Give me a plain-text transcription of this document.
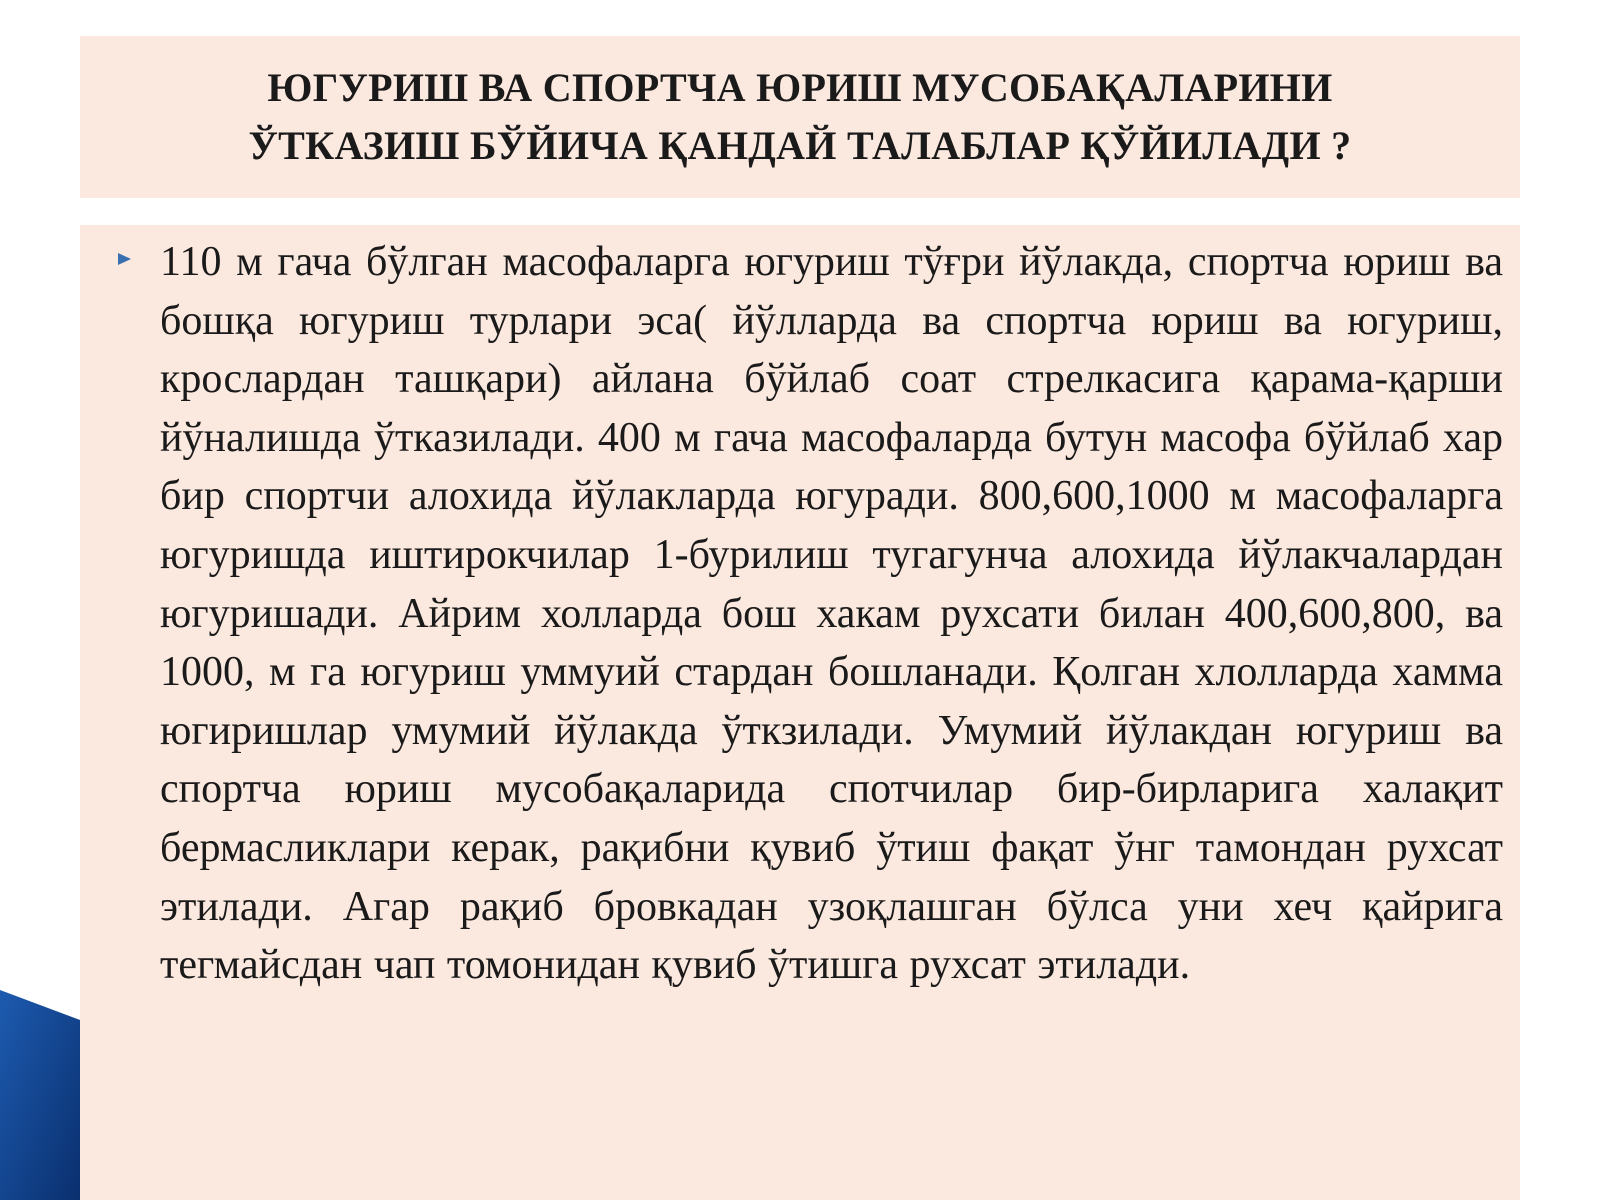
ЮГУРИШ ВА СПОРТЧА ЮРИШ МУСОБАҚАЛАРИНИ
ЎТКАЗИШ БЎЙИЧА ҚАНДАЙ ТАЛАБЛАР ҚЎЙИЛАДИ ?

110 м гача бўлган масофаларга югуриш тўғри йўлакда, спортча юриш ва бошқа югуриш турлари эса( йўлларда ва спортча юриш ва югуриш, крослардан ташқари) айлана бўйлаб соат стрелкасига қарама-қарши йўналишда ўтказилади. 400 м гача масофаларда бутун масофа бўйлаб хар бир спортчи алохида йўлакларда югуради. 800,600,1000 м масофаларга югуришда иштирокчилар 1-бурилиш тугагунча алохида йўлакчалардан югуришади. Айрим холларда бош хакам рухсати билан 400,600,800, ва 1000, м га югуриш уммуий стардан бошланади. Қолган хлолларда хамма югиришлар умумий йўлакда ўткзилади. Умумий йўлакдан югуриш ва спортча юриш мусобақаларида спотчилар бир-бирларига халақит бермасликлари керак, рақибни қувиб ўтиш фақат ўнг тамондан рухсат этилади. Агар рақиб бровкадан узоқлашган бўлса уни хеч қайрига тегмайсдан чап томонидан қувиб ўтишга рухсат этилади.
